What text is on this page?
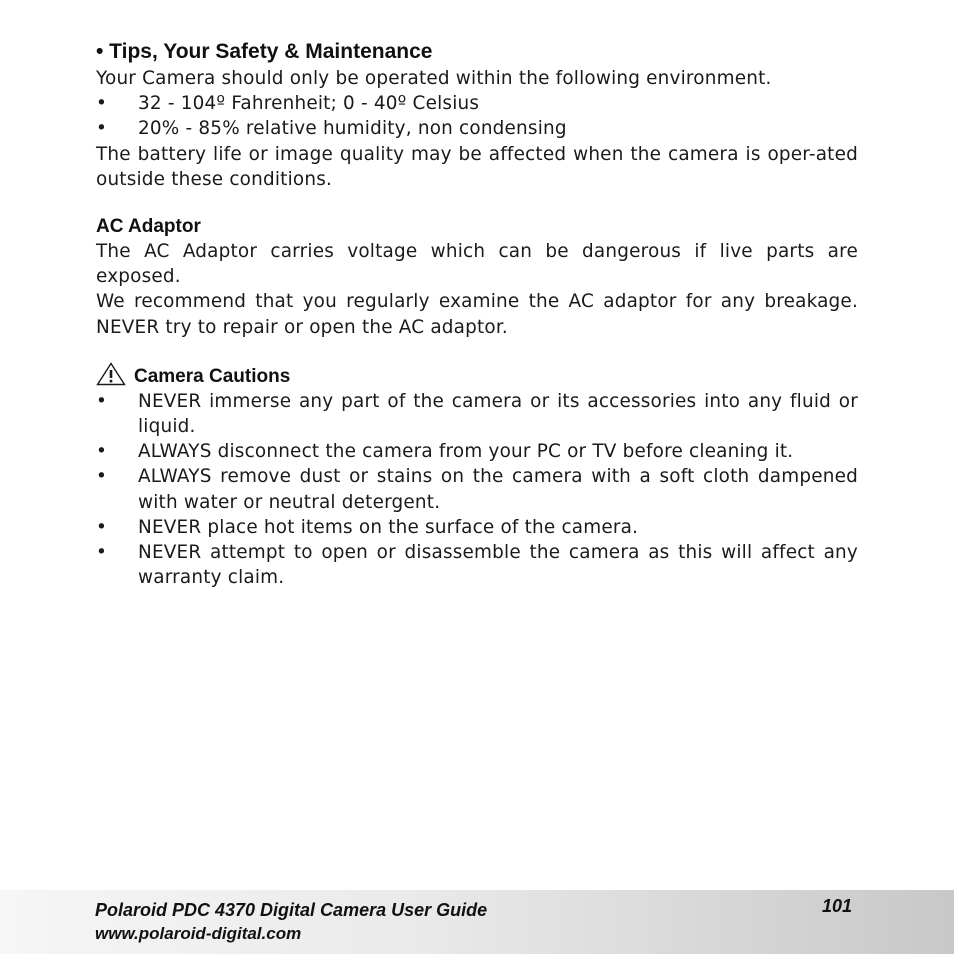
• Tips, Your Safety & Maintenance

Your Camera should only be operated within the following environment.

• 32 - 104º Fahrenheit; 0 - 40º Celsius
• 20% - 85% relative humidity, non condensing

The battery life or image quality may be affected when the camera is oper-ated outside these conditions.

AC Adaptor

The AC Adaptor carries voltage which can be dangerous if live parts are exposed.

We recommend that you regularly examine the AC adaptor for any breakage. NEVER try to repair or open the AC adaptor.

Camera Cautions
• NEVER immerse any part of the camera or its accessories into any fluid or liquid.
• ALWAYS disconnect the camera from your PC or TV before cleaning it.
• ALWAYS remove dust or stains on the camera with a soft cloth dampened with water or neutral detergent.
• NEVER place hot items on the surface of the camera.
• NEVER attempt to open or disassemble the camera as this will affect any warranty claim.
Polaroid PDC 4370 Digital Camera User Guide
www.polaroid-digital.com
101
